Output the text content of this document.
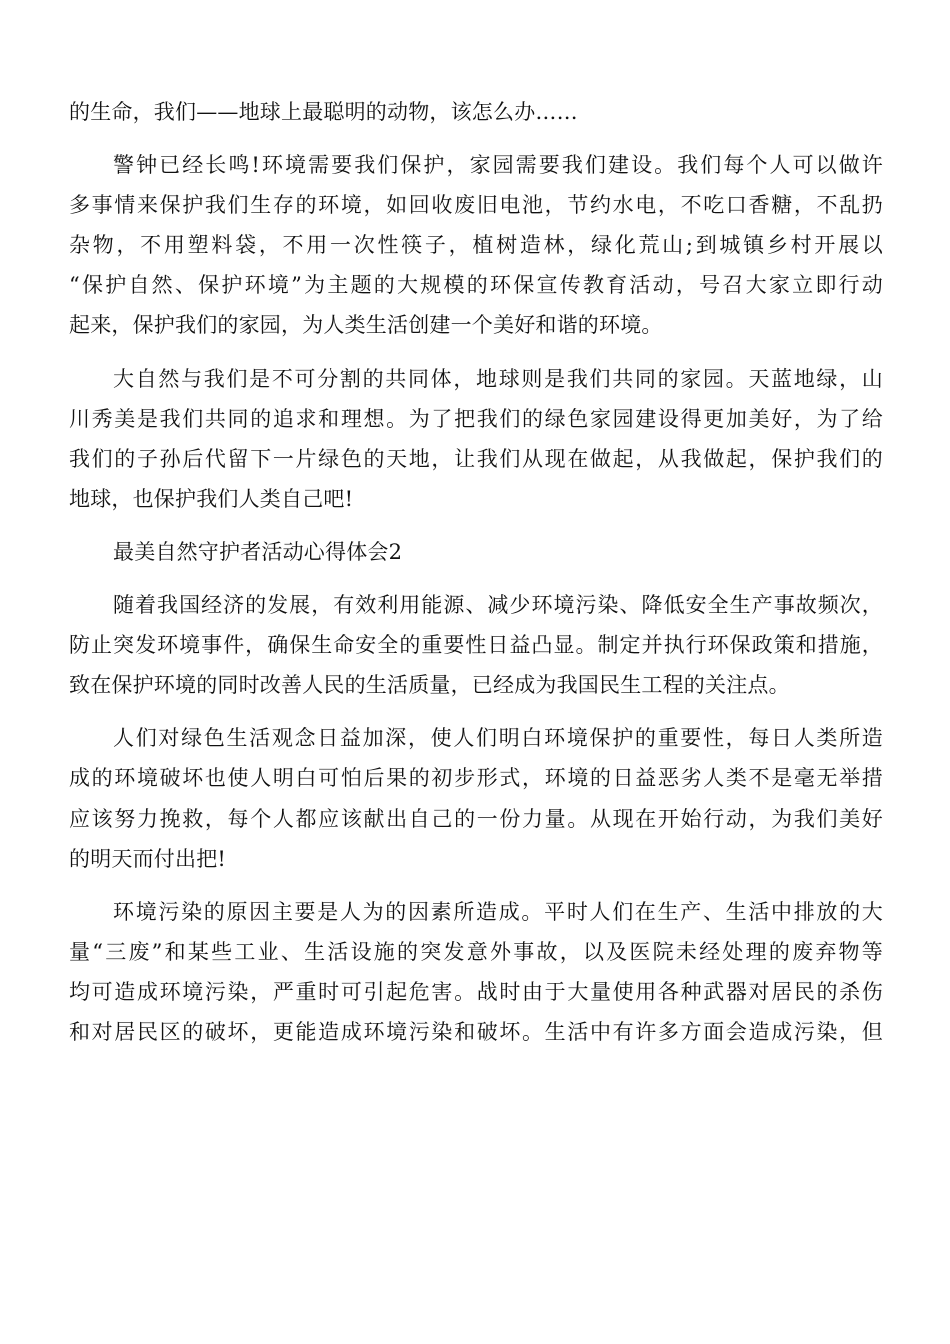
的生命，我们——地球上最聪明的动物，该怎么办……
警钟已经长鸣!环境需要我们保护，家园需要我们建设。我们每个人可以做许
多事情来保护我们生存的环境，如回收废旧电池，节约水电，不吃口香糖，不乱扔
杂物，不用塑料袋，不用一次性筷子，植树造林，绿化荒山;到城镇乡村开展以
“保护自然、保护环境”为主题的大规模的环保宣传教育活动，号召大家立即行动
起来，保护我们的家园，为人类生活创建一个美好和谐的环境。
大自然与我们是不可分割的共同体，地球则是我们共同的家园。天蓝地绿，山
川秀美是我们共同的追求和理想。为了把我们的绿色家园建设得更加美好，为了给
我们的子孙后代留下一片绿色的天地，让我们从现在做起，从我做起，保护我们的
地球，也保护我们人类自己吧!
最美自然守护者活动心得体会2
随着我国经济的发展，有效利用能源、减少环境污染、降低安全生产事故频次，
防止突发环境事件，确保生命安全的重要性日益凸显。制定并执行环保政策和措施，
致在保护环境的同时改善人民的生活质量，已经成为我国民生工程的关注点。
人们对绿色生活观念日益加深，使人们明白环境保护的重要性，每日人类所造
成的环境破坏也使人明白可怕后果的初步形式，环境的日益恶劣人类不是毫无举措
应该努力挽救，每个人都应该献出自己的一份力量。从现在开始行动，为我们美好
的明天而付出把!
环境污染的原因主要是人为的因素所造成。平时人们在生产、生活中排放的大
量“三废”和某些工业、生活设施的突发意外事故，以及医院未经处理的废弃物等
均可造成环境污染，严重时可引起危害。战时由于大量使用各种武器对居民的杀伤
和对居民区的破坏，更能造成环境污染和破坏。生活中有许多方面会造成污染，但
